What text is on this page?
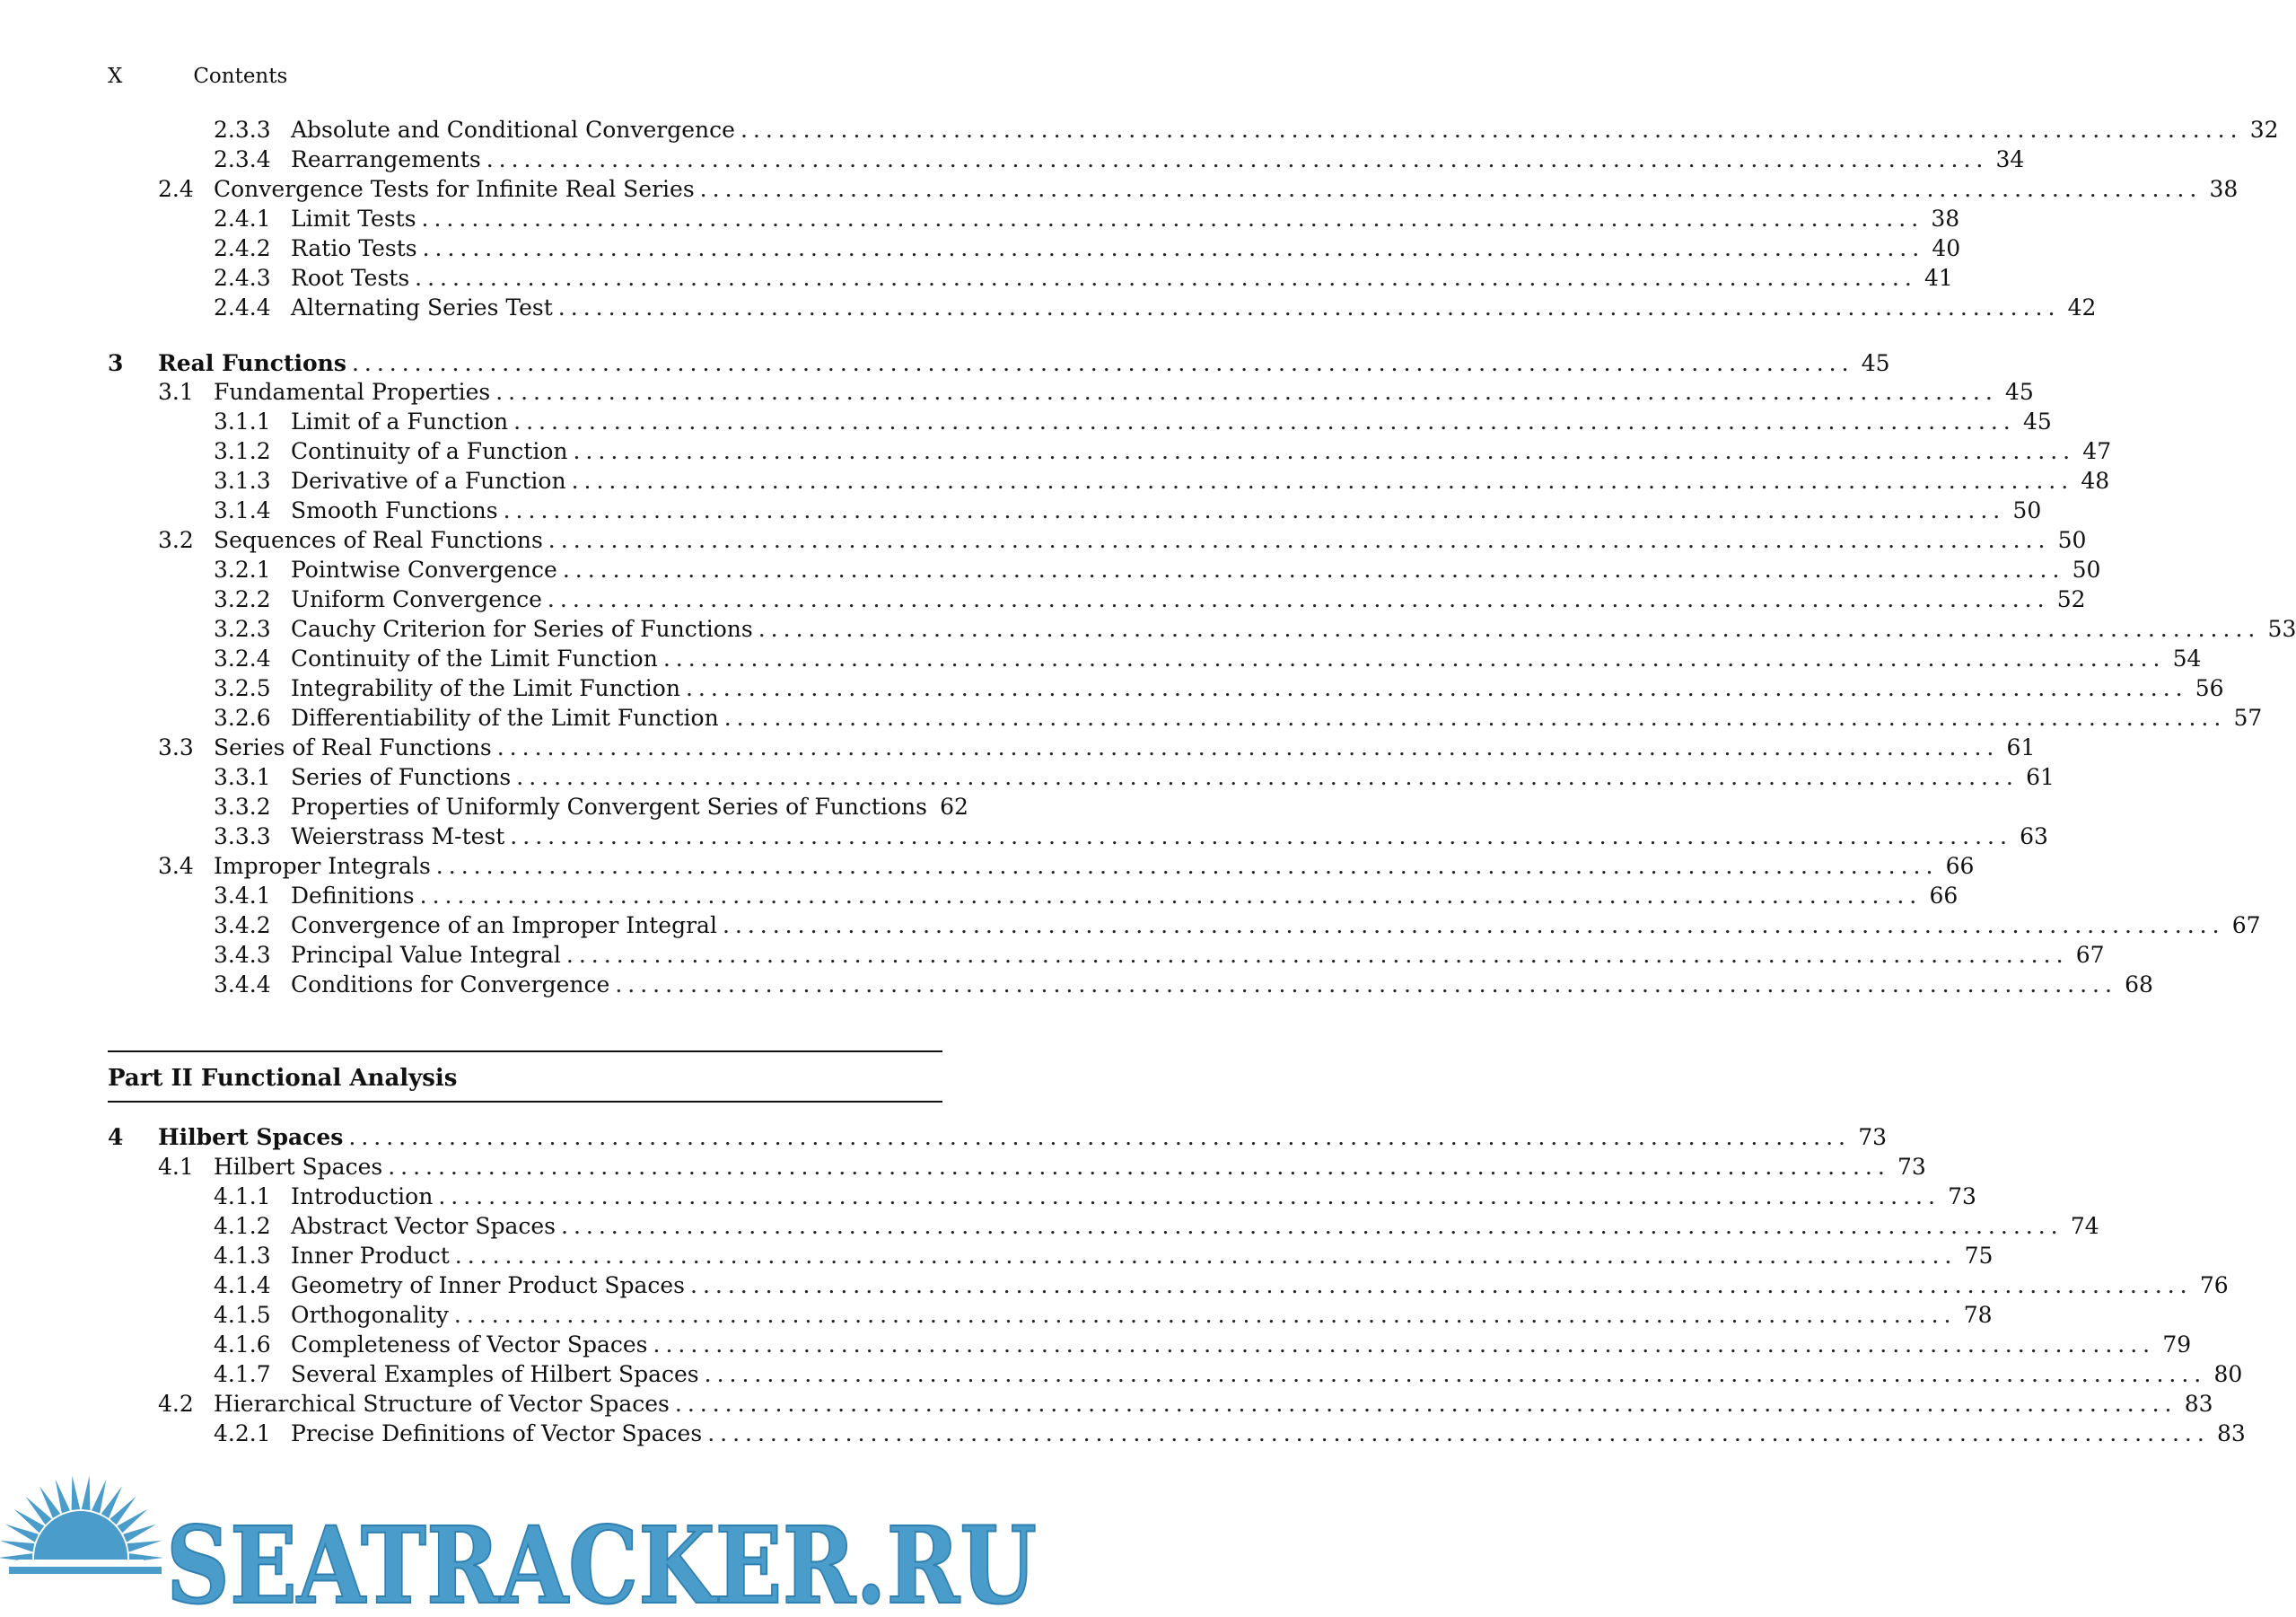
X	Contents
2.3.3 Absolute and Conditional Convergence ........................................................................................................................ 32
2.3.4 Rearrangements ........................................................................................................................ 34
2.4 Convergence Tests for Infinite Real Series ........................................................................................................................ 38
2.4.1 Limit Tests ........................................................................................................................ 38
2.4.2 Ratio Tests ........................................................................................................................ 40
2.4.3 Root Tests ........................................................................................................................ 41
2.4.4 Alternating Series Test ........................................................................................................................ 42
3	Real Functions ........................................................................................................................ 45
3.1 Fundamental Properties ........................................................................................................................ 45
3.1.1 Limit of a Function ........................................................................................................................ 45
3.1.2 Continuity of a Function ........................................................................................................................ 47
3.1.3 Derivative of a Function ........................................................................................................................ 48
3.1.4 Smooth Functions ........................................................................................................................ 50
3.2 Sequences of Real Functions ........................................................................................................................ 50
3.2.1 Pointwise Convergence ........................................................................................................................ 50
3.2.2 Uniform Convergence ........................................................................................................................ 52
3.2.3 Cauchy Criterion for Series of Functions ........................................................................................................................ 53
3.2.4 Continuity of the Limit Function ........................................................................................................................ 54
3.2.5 Integrability of the Limit Function ........................................................................................................................ 56
3.2.6 Differentiability of the Limit Function ........................................................................................................................ 57
3.3 Series of Real Functions ........................................................................................................................ 61
3.3.1 Series of Functions ........................................................................................................................ 61
3.3.2 Properties of Uniformly Convergent Series of Functions 62
3.3.3 Weierstrass M-test ........................................................................................................................ 63
3.4 Improper Integrals ........................................................................................................................ 66
3.4.1 Definitions ........................................................................................................................ 66
3.4.2 Convergence of an Improper Integral ........................................................................................................................ 67
3.4.3 Principal Value Integral ........................................................................................................................ 67
3.4.4 Conditions for Convergence ........................................................................................................................ 68
4	Hilbert Spaces ........................................................................................................................ 73
4.1 Hilbert Spaces ........................................................................................................................ 73
4.1.1 Introduction ........................................................................................................................ 73
4.1.2 Abstract Vector Spaces ........................................................................................................................ 74
4.1.3 Inner Product ........................................................................................................................ 75
4.1.4 Geometry of Inner Product Spaces ........................................................................................................................ 76
4.1.5 Orthogonality ........................................................................................................................ 78
4.1.6 Completeness of Vector Spaces ........................................................................................................................ 79
4.1.7 Several Examples of Hilbert Spaces ........................................................................................................................ 80
4.2 Hierarchical Structure of Vector Spaces ........................................................................................................................ 83
4.2.1 Precise Definitions of Vector Spaces ........................................................................................................................ 83
Part II Functional Analysis
SEATRACKER.RU
